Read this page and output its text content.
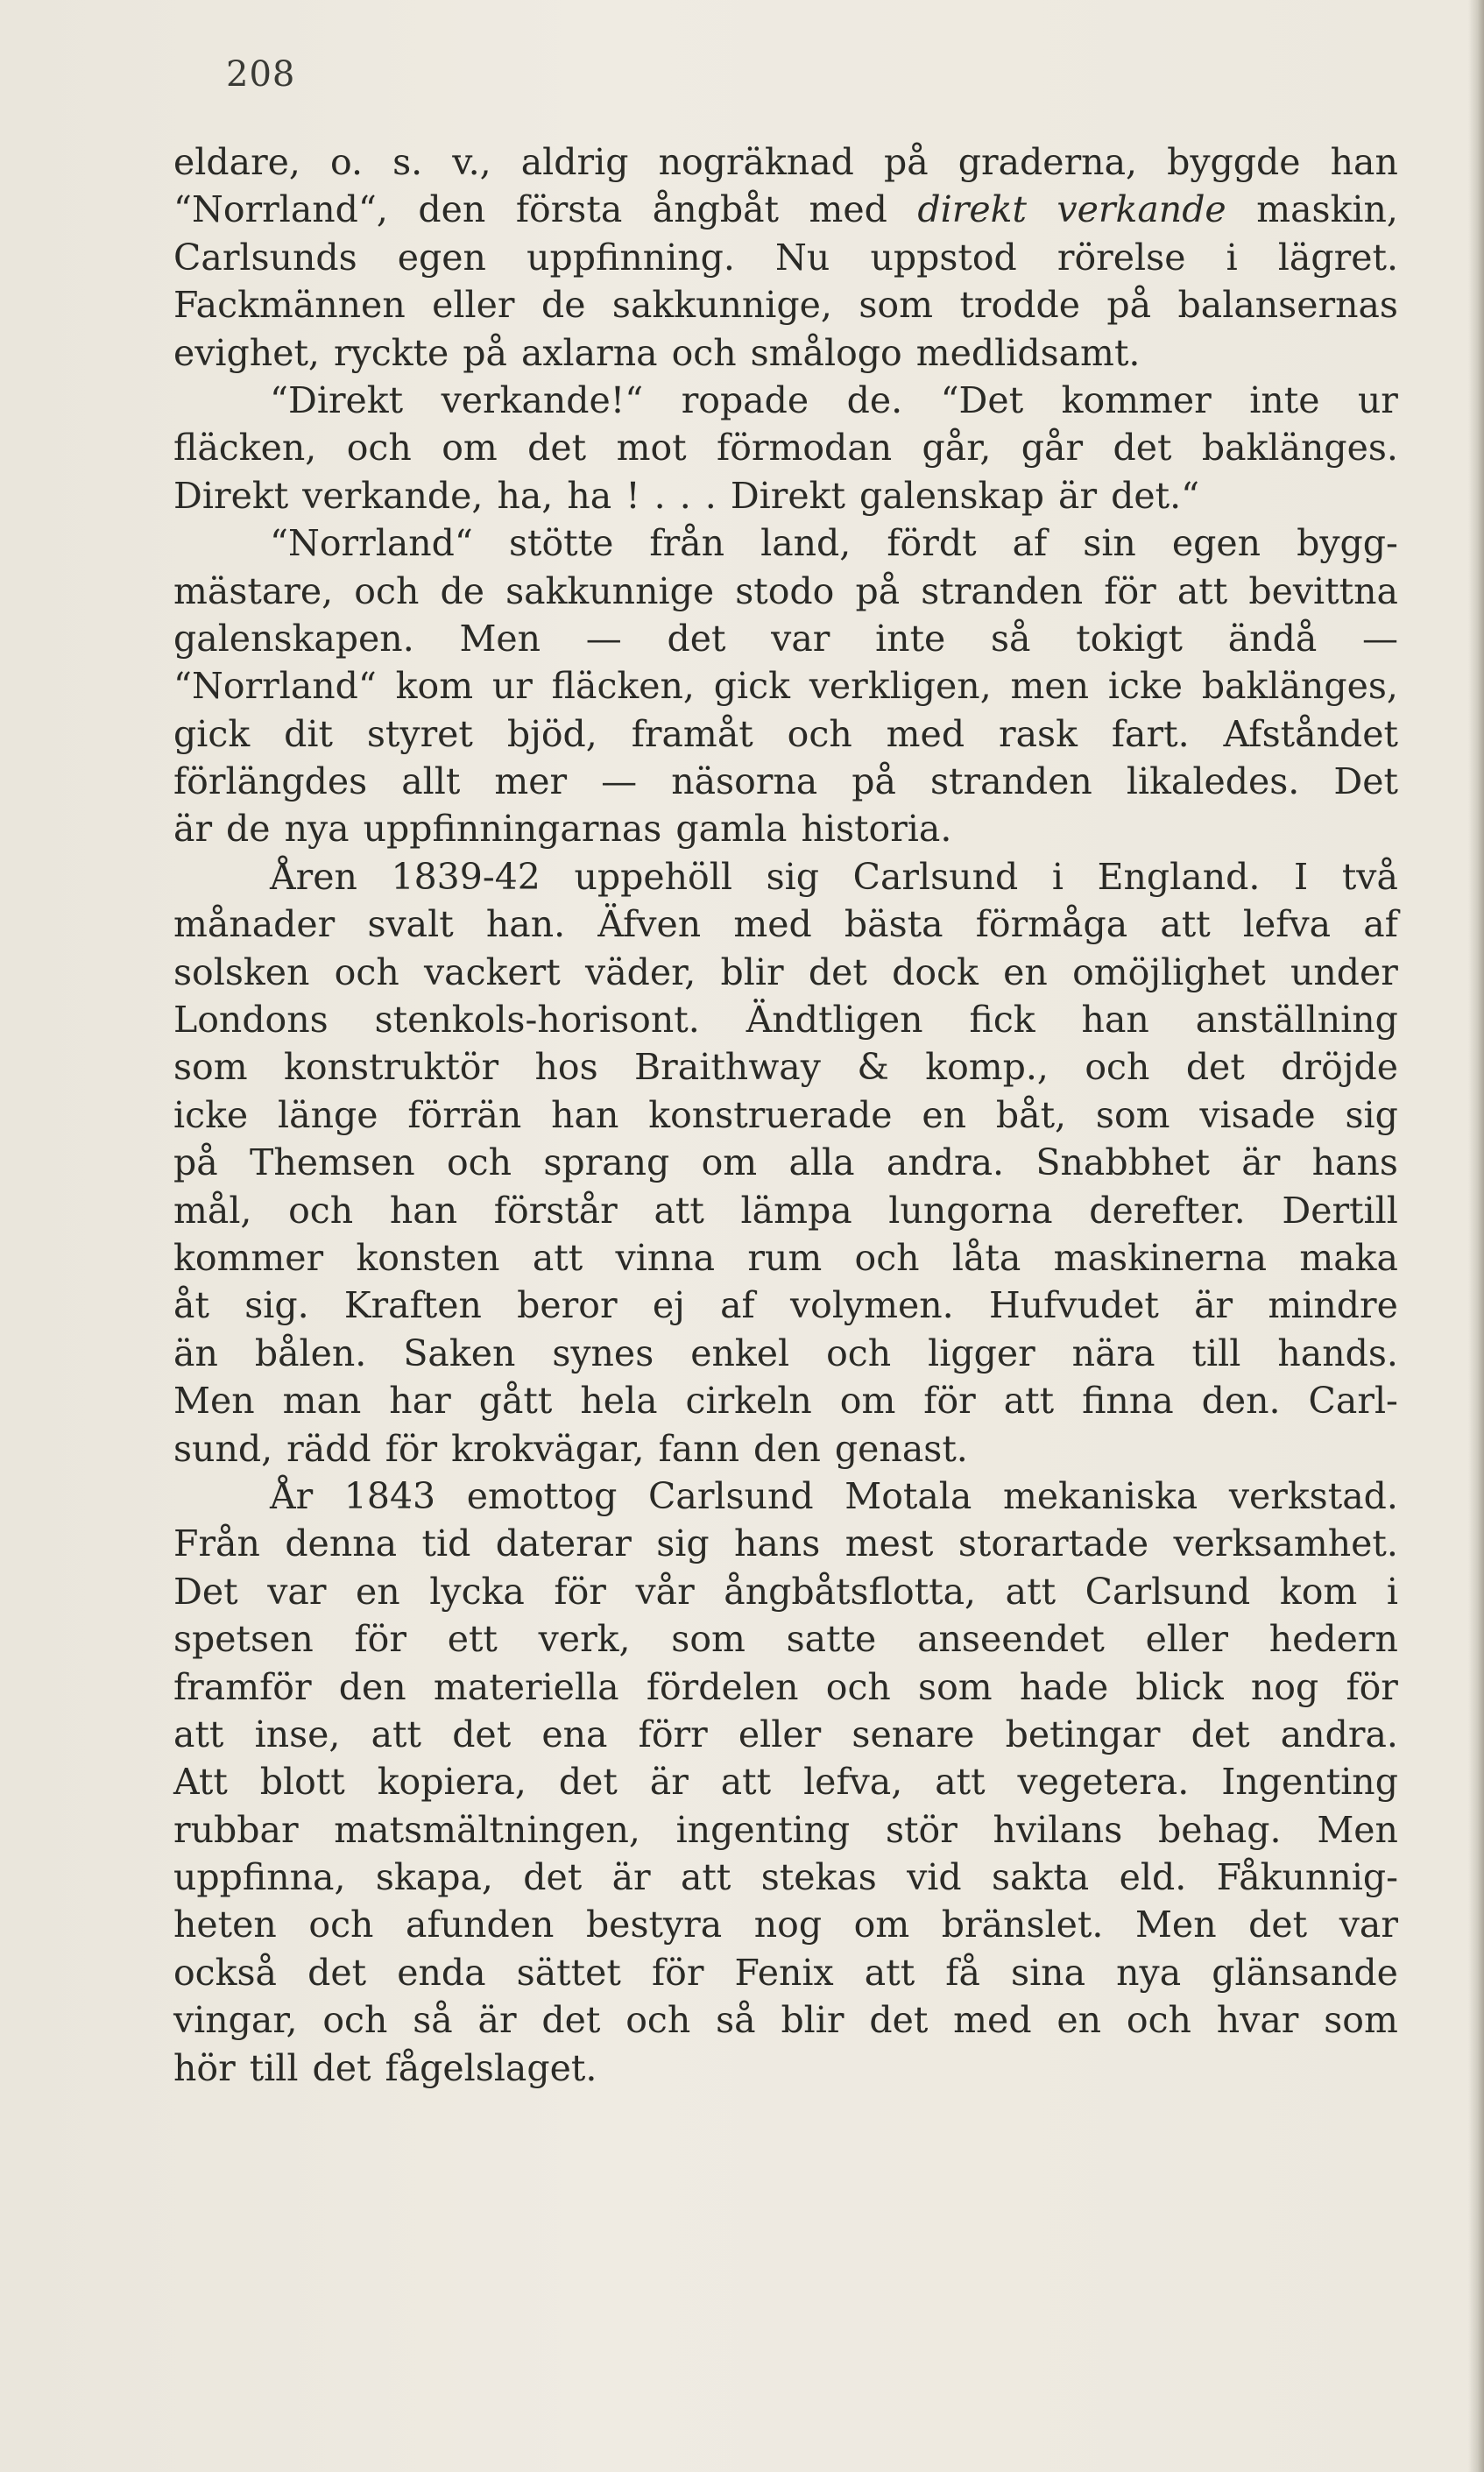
208
eldare, o. s. v., aldrig nogräknad på graderna, byggde han
“Norrland“, den första ångbåt med direkt verkande maskin,
Carlsunds egen uppfinning. Nu uppstod rörelse i lägret.
Fackmännen eller de sakkunnige, som trodde på balansernas
evighet, ryckte på axlarna och smålogo medlidsamt.
“Direkt verkande!“ ropade de. “Det kommer inte ur
fläcken, och om det mot förmodan går, går det baklänges.
Direkt verkande, ha, ha ! . . . Direkt galenskap är det.“
“Norrland“ stötte från land, fördt af sin egen bygg-
mästare, och de sakkunnige stodo på stranden för att bevittna
galenskapen. Men — det var inte så tokigt ändå —
“Norrland“ kom ur fläcken, gick verkligen, men icke baklänges,
gick dit styret bjöd, framåt och med rask fart. Afståndet
förlängdes allt mer — näsorna på stranden likaledes. Det
är de nya uppfinningarnas gamla historia.
Åren 1839-42 uppehöll sig Carlsund i England. I två
månader svalt han. Äfven med bästa förmåga att lefva af
solsken och vackert väder, blir det dock en omöjlighet under
Londons stenkols-horisont. Ändtligen fick han anställning
som konstruktör hos Braithway & komp., och det dröjde
icke länge förrän han konstruerade en båt, som visade sig
på Themsen och sprang om alla andra. Snabbhet är hans
mål, och han förstår att lämpa lungorna derefter. Dertill
kommer konsten att vinna rum och låta maskinerna maka
åt sig. Kraften beror ej af volymen. Hufvudet är mindre
än bålen. Saken synes enkel och ligger nära till hands.
Men man har gått hela cirkeln om för att finna den. Carl-
sund, rädd för krokvägar, fann den genast.
År 1843 emottog Carlsund Motala mekaniska verkstad.
Från denna tid daterar sig hans mest storartade verksamhet.
Det var en lycka för vår ångbåtsflotta, att Carlsund kom i
spetsen för ett verk, som satte anseendet eller hedern
framför den materiella fördelen och som hade blick nog för
att inse, att det ena förr eller senare betingar det andra.
Att blott kopiera, det är att lefva, att vegetera. Ingenting
rubbar matsmältningen, ingenting stör hvilans behag. Men
uppfinna, skapa, det är att stekas vid sakta eld. Fåkunnig-
heten och afunden bestyra nog om bränslet. Men det var
också det enda sättet för Fenix att få sina nya glänsande
vingar, och så är det och så blir det med en och hvar som
hör till det fågelslaget.
